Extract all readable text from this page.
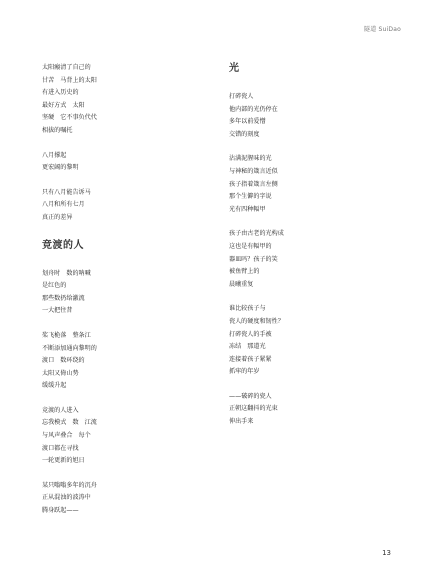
隧道 SuiDao
太阳瘢清了自己的
甘苦　马背上的太阳
有进入历史的
最好方式　太阳
坚硬　它不事负代代
相拔的嘱托
八月撑起
更宏阔的黎明
只有八月能告诉马
八月和所有七月
真正的差异
竞渡的人
划舟时　数的呐喊
是红色的
那些数扔给激流
一大把往昔
桨飞桅落　整条江
不断添加通向黎明的
渡口　数环绕的
太阳又倚山势
缓缓升起
竞渡的人进入
忘我模式　数　江流
与风声叠合　每个
渡口都在寻找
一轮更新的旭日
某只嗡嗡多年的沉舟
正从混浊的波涛中
腾身跃起——
光
打碎瓷人
他内部的光仍停在
多年以前爱憎
交错的刻度
沾满泥腥味的光
与神秘的箴言近似
孩子指着箴言左侧
那个生僻的字说
光有四种幅甲
孩子由古老的光构成
这也是有幅甲的
器皿吗？孩子的笑
被鱼臂上的
晨曦重复
谁比较孩子与
瓷人的硬度和韧性？
打碎瓷人的手被
冻结　那道光
连接着孩子紧紧
抓牢的年岁
——破碎的瓷人
正朝这翻抖的光束
伸出手来
13
